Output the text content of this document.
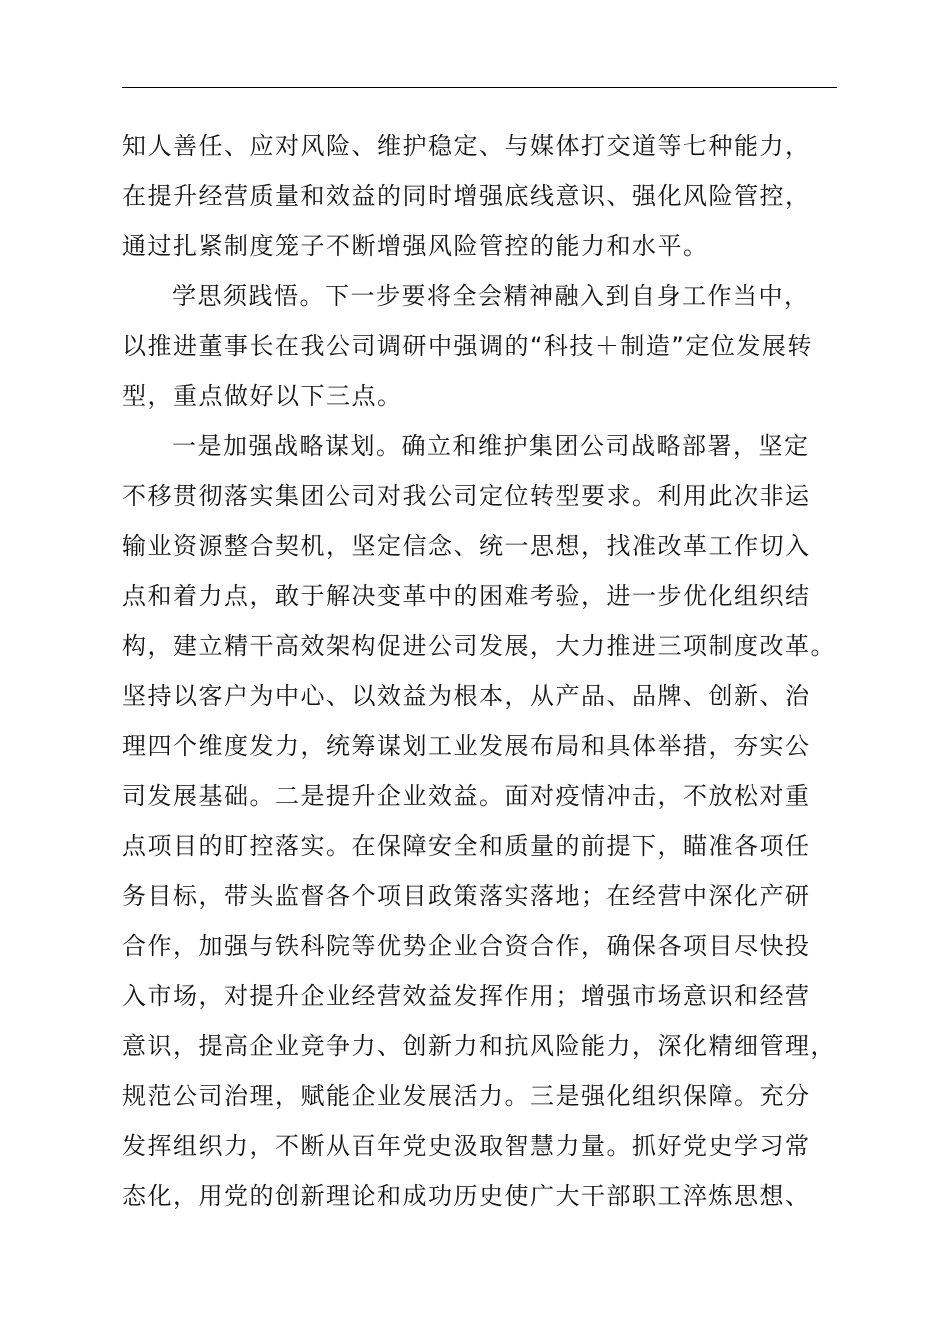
知人善任、应对风险、维护稳定、与媒体打交道等七种能力，
在提升经营质量和效益的同时增强底线意识、强化风险管控，
通过扎紧制度笼子不断增强风险管控的能力和水平。
学思须践悟。下一步要将全会精神融入到自身工作当中，
以推进董事长在我公司调研中强调的“科技＋制造”定位发展转
型，重点做好以下三点。
一是加强战略谋划。确立和维护集团公司战略部署，坚定
不移贯彻落实集团公司对我公司定位转型要求。利用此次非运
输业资源整合契机，坚定信念、统一思想，找准改革工作切入
点和着力点，敢于解决变革中的困难考验，进一步优化组织结
构，建立精干高效架构促进公司发展，大力推进三项制度改革。
坚持以客户为中心、以效益为根本，从产品、品牌、创新、治
理四个维度发力，统筹谋划工业发展布局和具体举措，夯实公
司发展基础。二是提升企业效益。面对疫情冲击，不放松对重
点项目的盯控落实。在保障安全和质量的前提下，瞄准各项任
务目标，带头监督各个项目政策落实落地；在经营中深化产研
合作，加强与铁科院等优势企业合资合作，确保各项目尽快投
入市场，对提升企业经营效益发挥作用；增强市场意识和经营
意识，提高企业竞争力、创新力和抗风险能力，深化精细管理，
规范公司治理，赋能企业发展活力。三是强化组织保障。充分
发挥组织力，不断从百年党史汲取智慧力量。抓好党史学习常
态化，用党的创新理论和成功历史使广大干部职工淬炼思想、
